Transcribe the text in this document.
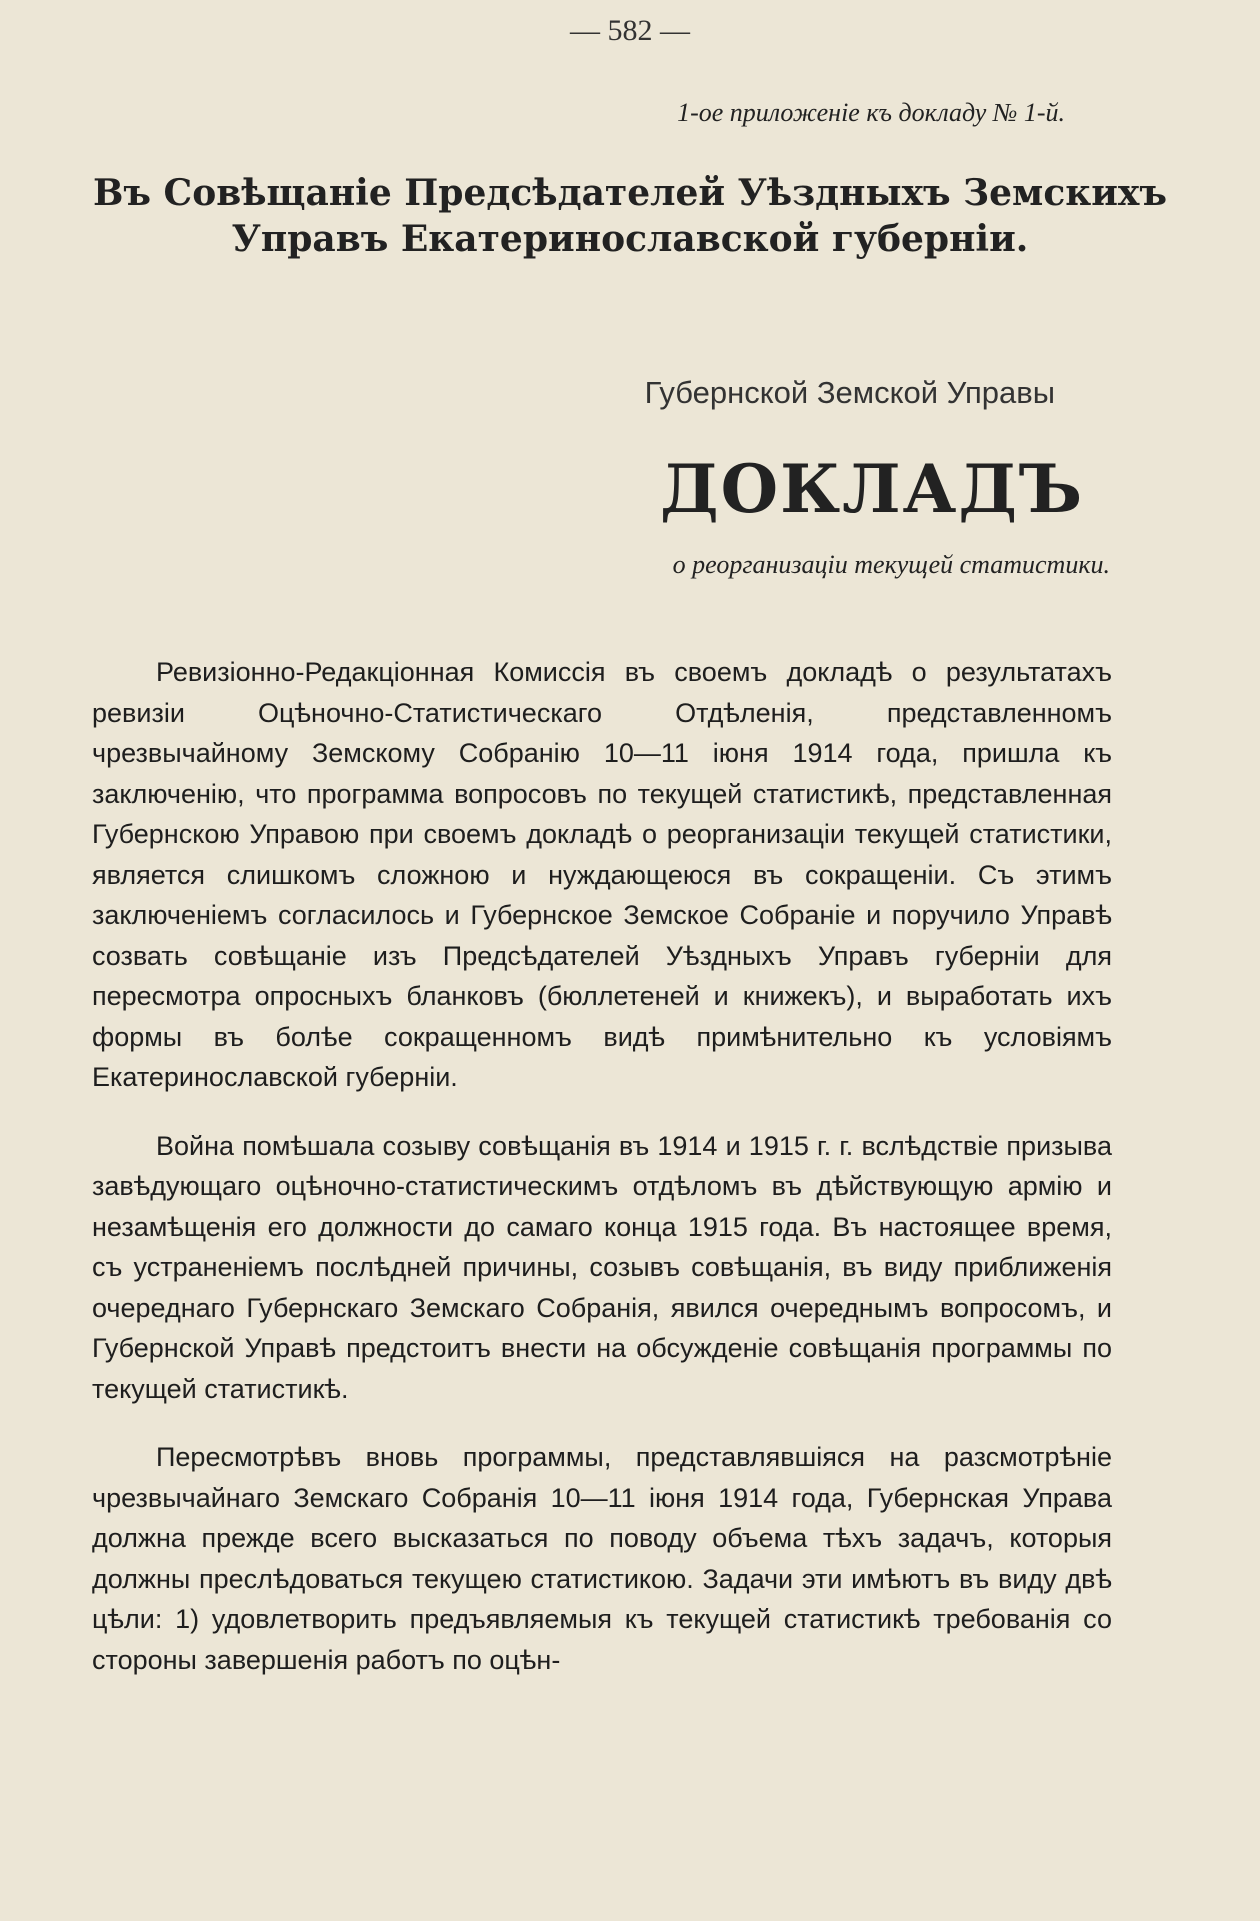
— 582 —
1-ое приложенiе къ докладу № 1-й.
Въ Совѣщанiе Предсѣдателей Уѣздныхъ Земскихъ
Управъ Екатеринославской губернiи.
Губернской Земской Управы
ДОКЛАДЪ
о реорганизацiи текущей статистики.

Ревизiонно-Редакцiонная Комиссiя въ своемъ докладѣ о результатахъ ревизiи Оцѣночно-Статистическаго Отдѣленiя, представленномъ чрезвычайному Земскому Собранiю 10—11 iюня 1914 года, пришла къ заключенiю, что программа вопросовъ по текущей статистикѣ, представленная Губернскою Управою при своемъ докладѣ о реорганизацiи текущей статистики, является слишкомъ сложною и нуждающеюся въ сокращенiи. Съ этимъ заключенiемъ согласилось и Губернское Земское Собранiе и поручило Управѣ созвать совѣщанiе изъ Предсѣдателей Уѣздныхъ Управъ губернiи для пересмотра опросныхъ бланковъ (бюллетеней и книжекъ), и выработать ихъ формы въ болѣе сокращенномъ видѣ примѣнительно къ условiямъ Екатеринославской губернiи.

Война помѣшала созыву совѣщанiя въ 1914 и 1915 г. г. вслѣдствiе призыва завѣдующаго оцѣночно-статистическимъ отдѣломъ въ дѣйствующую армiю и незамѣщенiя его должности до самаго конца 1915 года. Въ настоящее время, съ устраненiемъ послѣдней причины, созывъ совѣщанiя, въ виду приближенiя очереднаго Губернскаго Земскаго Собранiя, явился очереднымъ вопросомъ, и Губернской Управѣ предстоитъ внести на обсужденiе совѣщанiя программы по текущей статистикѣ.

Пересмотрѣвъ вновь программы, представлявшiяся на разсмотрѣнiе чрезвычайнаго Земскаго Собранiя 10—11 iюня 1914 года, Губернская Управа должна прежде всего высказаться по поводу объема тѣхъ задачъ, которыя должны преслѣдоваться текущею статистикою. Задачи эти имѣютъ въ виду двѣ цѣли: 1) удовлетворить предъявляемыя къ текущей статистикѣ требованiя со стороны завершенiя работъ по оцѣн-
